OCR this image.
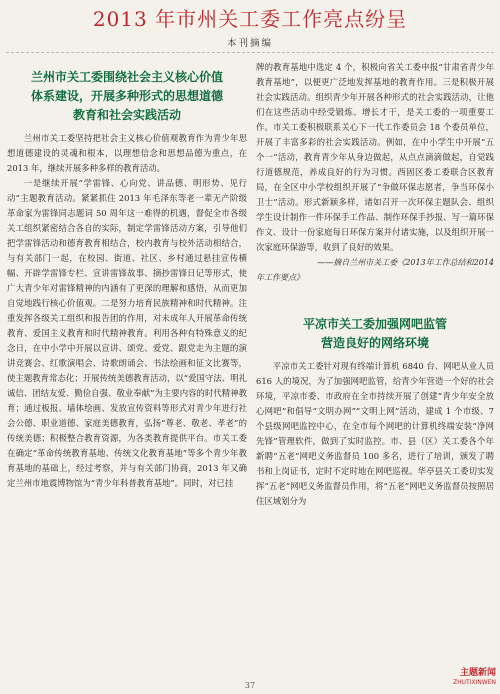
2013 年市州关工委工作亮点纷呈
本刊摘编
兰州市关工委围绕社会主义核心价值
体系建设，开展多种形式的思想道德
教育和社会实践活动

兰州市关工委坚持把社会主义核心价值观教育作为青少年思想道德建设的灵魂和根本，以理想信念和思想品德为重点，在 2013 年，继续开展多种多样的教育活动。

一是继续开展“学雷锋、心向党、讲品德、明形势、见行动”主题教育活动。紧紧抓住 2013 年毛泽东等老一辈无产阶级革命家为雷锋同志题词 50 周年这一难得的机遇，督促全市各级关工组织紧密结合各自的实际，制定学雷锋活动方案，引导他们把学雷锋活动和德育教育相结合，校内教育与校外活动相结合，与有关部门一起，在校园、街道、社区、乡村通过悬挂宣传横幅、开辟学雷锋专栏、宣讲雷锋故事、摘抄雷锋日记等形式，使广大青少年对雷锋精神的内涵有了更深的理解和感悟，从而更加自觉地践行核心价值观。二是努力培育民族精神和时代精神。注重发挥各级关工组织和报告团的作用，对未成年人开展革命传统教育、爱国主义教育和时代精神教育。利用各种有特殊意义的纪念日，在中小学中开展以宣讲、颂党、爱党、跟党走为主题的演讲竞赛会、红歌演唱会、诗歌朗诵会、书法绘画和征文比赛等，使主题教育常态化；开展传统美德教育活动，以“爱国守法、明礼诚信、团结友爱、勤俭自强、敬业奉献”为主要内容的时代精神教育；通过板报、墙体绘画、发放宣传资料等形式对青少年进行社会公德、职业道德、家庭美德教育，弘扬“尊老、敬老、孝老”的传统美德；积极整合教育资源，为各类教育提供平台。市关工委在确定“革命传统教育基地、传统文化教育基地”等多个青少年教育基地的基础上，经过考察，并与有关部门协商，2013 年又确定兰州市地震博物馆为“青少年科普教育基地”。同时，对已挂

牌的教育基地中选定 4 个，积极向省关工委申报“甘肃省青少年教育基地”，以便更广泛地发挥基地的教育作用。三是积极开展社会实践活动。组织青少年开展各种形式的社会实践活动，让他们在这些活动中经受锻炼、增长才干，是关工委的一项重要工作。市关工委积极联系关心下一代工作委员会 18 个委员单位，开展了丰富多彩的社会实践活动。例如，在中小学生中开展“五个一”活动，教育青少年从身边做起，从点点滴滴做起，自觉践行道德规范，养成良好的行为习惯。西固区委工委联合区教育局，在全区中小学校组织开展了“争做环保志愿者，争当环保小卫士”活动。形式新颖多样，诸如召开一次环保主题队会、组织学生设计制作一件环保手工作品、制作环保手抄报、写一篇环保作文、设计一份家庭每日环保方案并付诸实施，以及组织开展一次家庭环保游等，收到了良好的效果。

——摘自兰州市关工委《2013年工作总结和2014

年工作要点》

平凉市关工委加强网吧监管
营造良好的网络环境

平凉市关工委针对现有终端计算机 6840 台、网吧从业人员 616 人的境况，为了加强网吧监管，给青少年营造一个好的社会环境，平凉市委、市政府在全市持续开展了创建“青少年安全放心网吧”和倡导“文明办网”“文明上网”活动，建成 1 个市级、7 个县级网吧监控中心，在全市每个网吧的计算机终端安装“净网先锋”管理软件，做到了实时监控。市、县（区）关工委各个年新聘“五老”网吧义务监督员 100 多名，进行了培训，颁发了聘书和上岗证书，定时不定时地在网吧巡视。华亭县关工委切实发挥“五老”网吧义务监督员作用，将“五老”网吧义务监督员按照居住区域划分为

37
主题新闻
ZHUTIXINWEN
